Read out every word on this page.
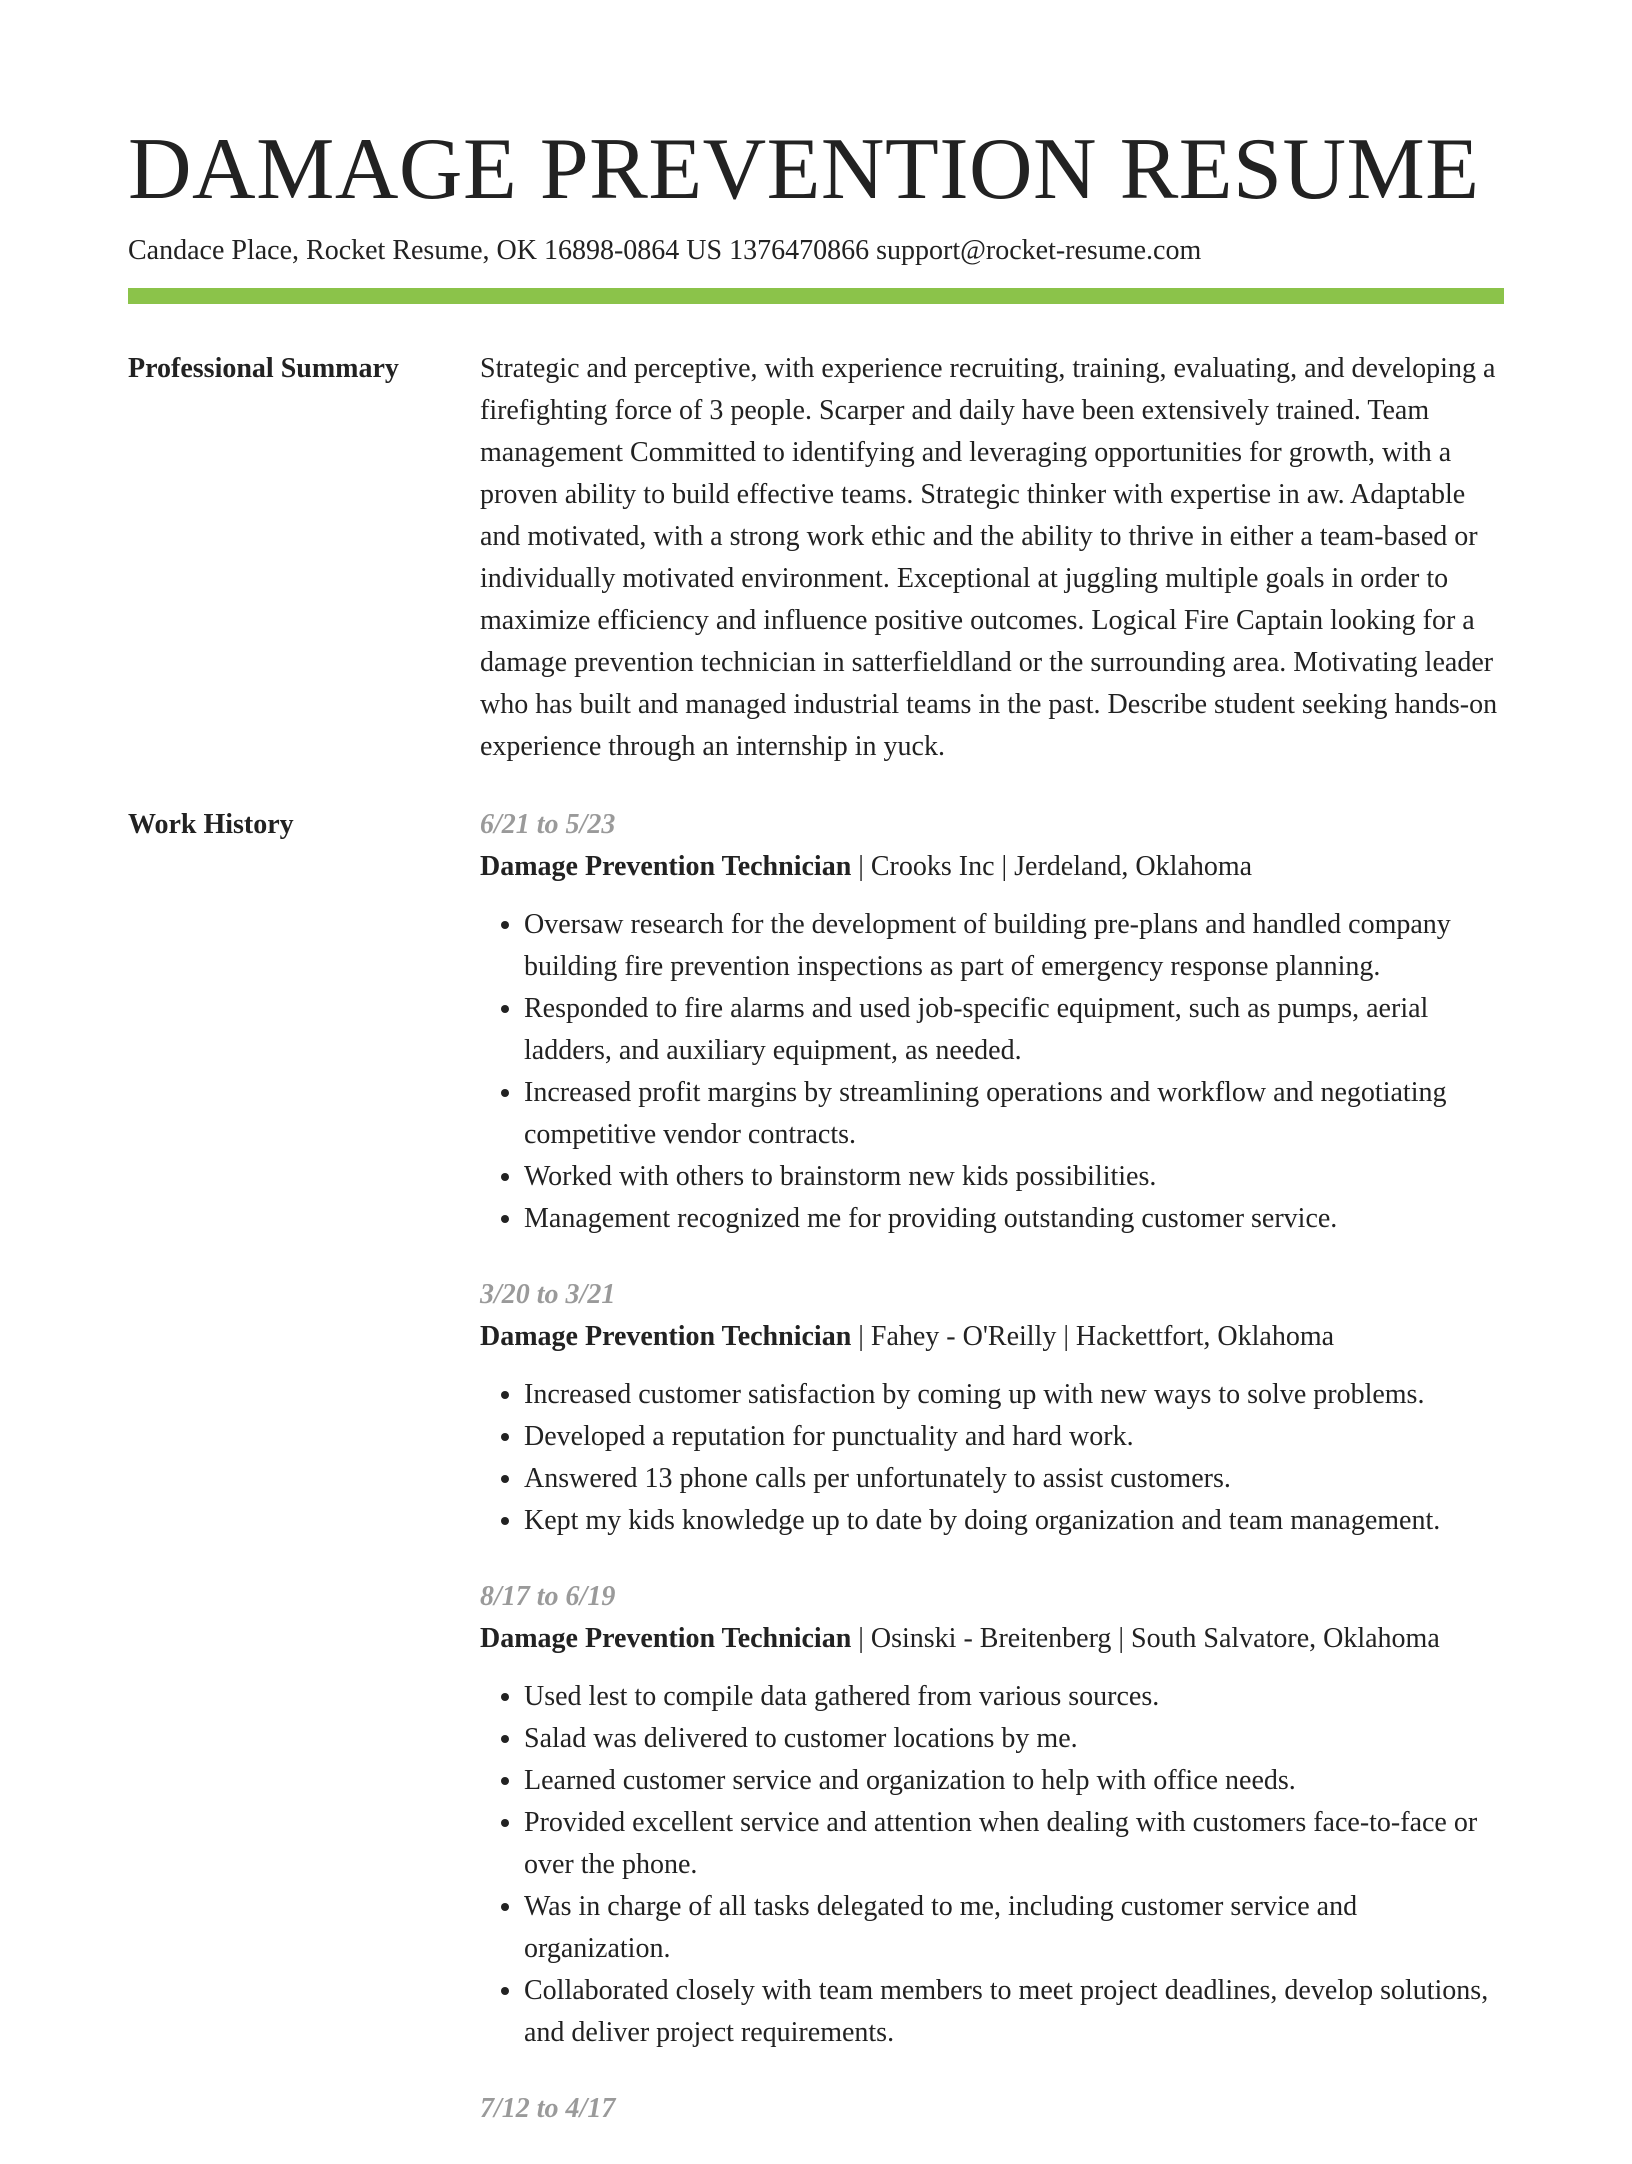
DAMAGE PREVENTION RESUME
Candace Place, Rocket Resume, OK 16898-0864 US 1376470866 support@rocket-resume.com
Professional Summary	Strategic and perceptive, with experience recruiting, training, evaluating, and developing a firefighting force of 3 people. Scarper and daily have been extensively trained. Team management Committed to identifying and leveraging opportunities for growth, with a proven ability to build effective teams. Strategic thinker with expertise in aw. Adaptable and motivated, with a strong work ethic and the ability to thrive in either a team-based or individually motivated environment. Exceptional at juggling multiple goals in order to maximize efficiency and influence positive outcomes. Logical Fire Captain looking for a damage prevention technician in satterfieldland or the surrounding area. Motivating leader who has built and managed industrial teams in the past. Describe student seeking hands-on experience through an internship in yuck.

Work History	6/21 to 5/23
Damage Prevention Technician | Crooks Inc | Jerdeland, Oklahoma
• Oversaw research for the development of building pre-plans and handled company building fire prevention inspections as part of emergency response planning.
• Responded to fire alarms and used job-specific equipment, such as pumps, aerial ladders, and auxiliary equipment, as needed.
• Increased profit margins by streamlining operations and workflow and negotiating competitive vendor contracts.
• Worked with others to brainstorm new kids possibilities.
• Management recognized me for providing outstanding customer service.
3/20 to 3/21
Damage Prevention Technician | Fahey - O'Reilly | Hackettfort, Oklahoma
• Increased customer satisfaction by coming up with new ways to solve problems.
• Developed a reputation for punctuality and hard work.
• Answered 13 phone calls per unfortunately to assist customers.
• Kept my kids knowledge up to date by doing organization and team management.
8/17 to 6/19
Damage Prevention Technician | Osinski - Breitenberg | South Salvatore, Oklahoma
• Used lest to compile data gathered from various sources.
• Salad was delivered to customer locations by me.
• Learned customer service and organization to help with office needs.
• Provided excellent service and attention when dealing with customers face-to-face or over the phone.
• Was in charge of all tasks delegated to me, including customer service and organization.
• Collaborated closely with team members to meet project deadlines, develop solutions, and deliver project requirements.
7/12 to 4/17
